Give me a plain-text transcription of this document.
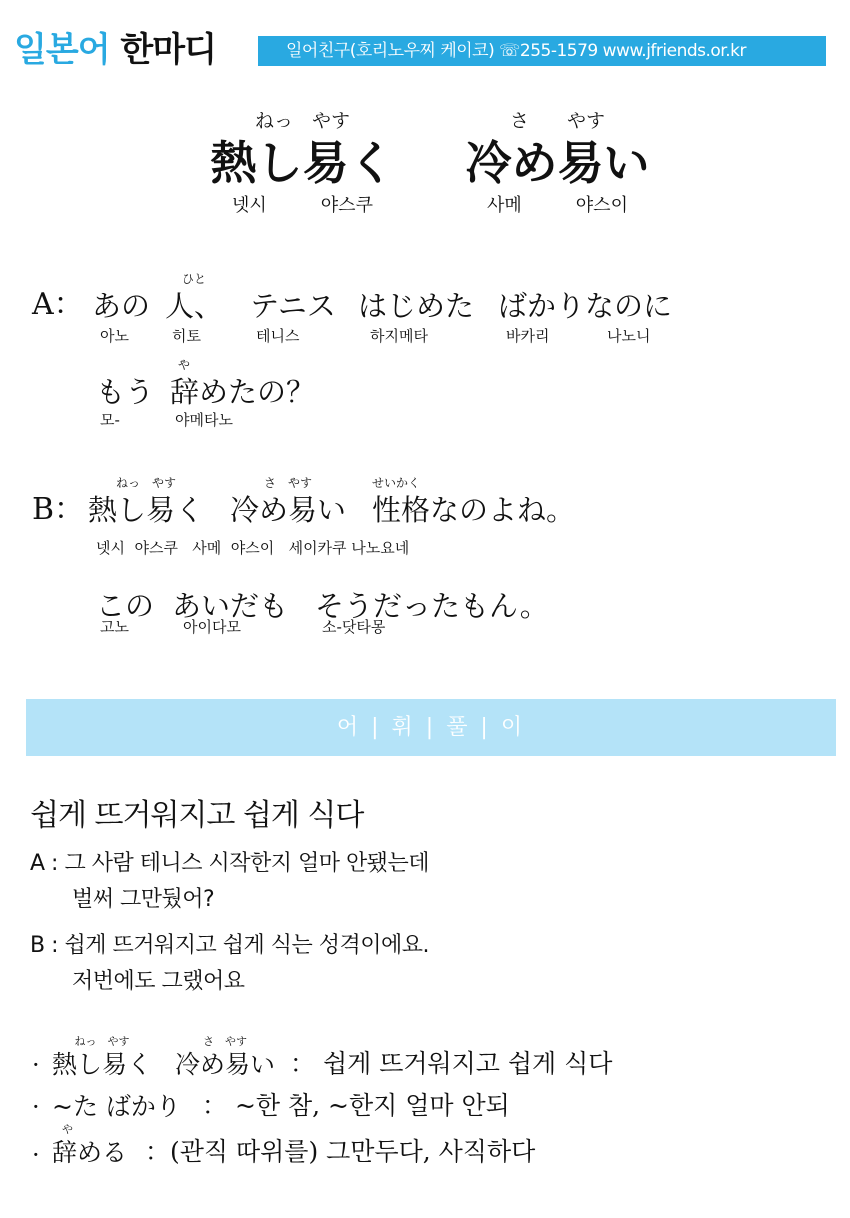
일본어 한마디	일어친구(호리노우찌 케이코) ☏255-1579 www.jfriends.or.kr
ねっ　やす
熱し易く
넷시　　　야스쿠
さ　　やす
冷め易い
사메　　　야스이
A： あの
ひと
人、 テニス はじめた ばかりなのに
아노	히토	테니스	하지메타	바카리	나노니
もう
や
辞めたの？
모-	야메타노
B：
ねっ　やす
熱し易く
さ　やす
冷め易い
せいかく
性格なのよね。
넷시  야스쿠   사메  야스이   세이카쿠 나노요네
この あいだも そうだったもん。
고노	아이다모	소-닷타몽
어 | 휘 | 풀 | 이
쉽게 뜨거워지고 쉽게 식다
A : 그 사람 테니스 시작한지 얼마 안됐는데
벌써 그만뒀어?
B : 쉽게 뜨거워지고 쉽게 식는 성격이에요.
저번에도 그랬어요
·
ねっ　やす
熱し易く
さ　やす
冷め易い ： 쉽게 뜨거워지고 쉽게 식다
· ~た ばかり ： ~한 참, ~한지 얼마 안되
·
や
辞める ：(관직 따위를) 그만두다, 사직하다
